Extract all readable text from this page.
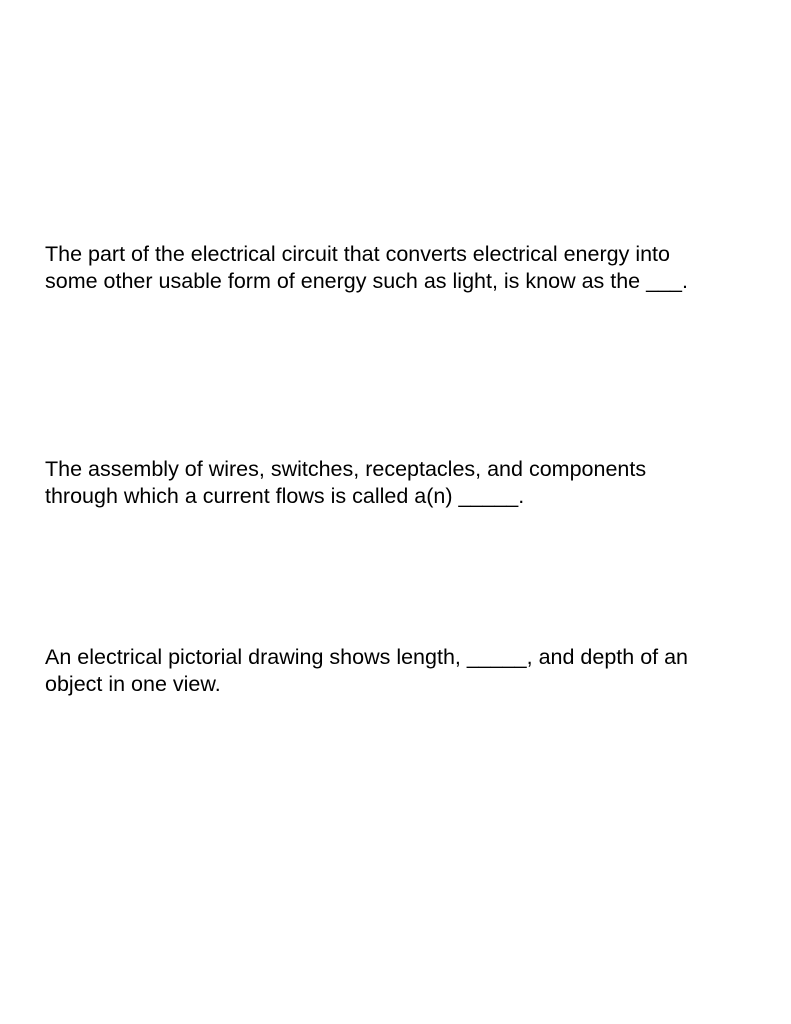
The part of the electrical circuit that converts electrical energy into
some other usable form of energy such as light, is know as the ___.

The assembly of wires, switches, receptacles, and components
through which a current flows is called a(n) _____.

An electrical pictorial drawing shows length, _____, and depth of an
object in one view.
